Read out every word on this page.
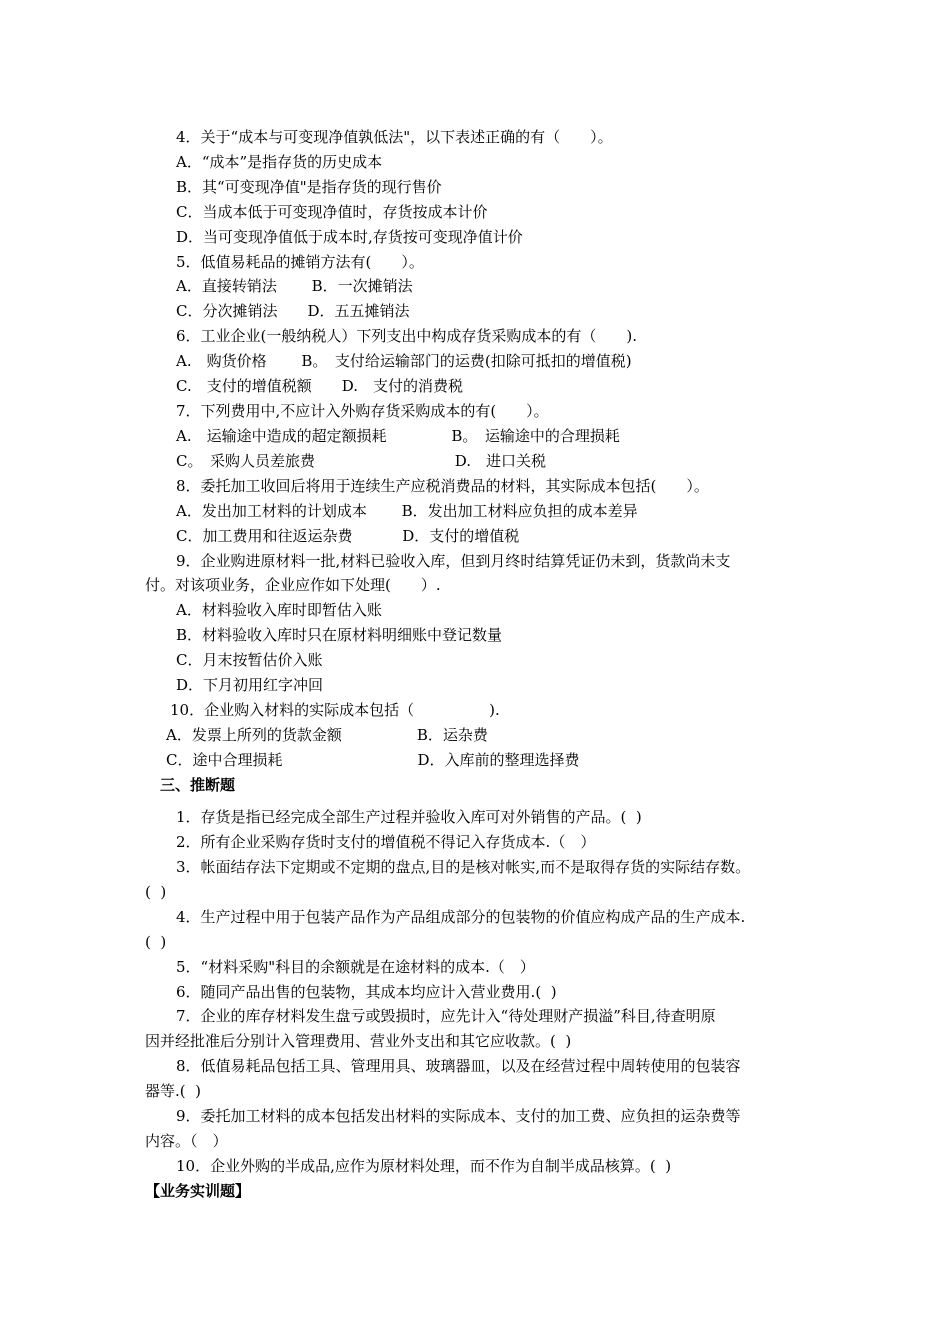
4．关于“成本与可变现净值孰低法"，以下表述正确的有（　　）。
A．“成本”是指存货的历史成本
B．其“可变现净值"是指存货的现行售价
C．当成本低于可变现净值时，存货按成本计价
D．当可变现净值低于成本时,存货按可变现净值计价
5．低值易耗品的摊销方法有(　　）。
A．直接转销法　　 B．一次摊销法
C．分次摊销法　　D．五五摊销法
6．工业企业(一般纳税人）下列支出中构成存货采购成本的有（　　).
A.　购货价格　　 B。　支付给运输部门的运费(扣除可抵扣的增值税)
C.　支付的增值税额　　D.　支付的消费税
7．下列费用中,不应计入外购存货采购成本的有(　　）。
A.　运输途中造成的超定额损耗　　　　 B。　运输途中的合理损耗
C。　采购人员差旅费　　　　　　　　　 D.　进口关税
8．委托加工收回后将用于连续生产应税消费品的材料，其实际成本包括(　　）。
A．发出加工材料的计划成本　　 B．发出加工材料应负担的成本差异
C．加工费用和往返运杂费　　　 D．支付的增值税
9．企业购进原材料一批,材料已验收入库，但到月终时结算凭证仍未到，货款尚未支
付。对该项业务，企业应作如下处理(　　）.
A．材料验收入库时即暂估入账
B．材料验收入库时只在原材料明细账中登记数量
C．月末按暂估价入账
D．下月初用红字冲回
10．企业购入材料的实际成本包括（　　　　　).
A．发票上所列的货款金额　　　　　B．运杂费
C．途中合理损耗　　　　　　　　　D．入库前的整理选择费
三、推断题
1．存货是指已经完成全部生产过程并验收入库可对外销售的产品。(  )
2．所有企业采购存货时支付的增值税不得记入存货成本.（　）
3．帐面结存法下定期或不定期的盘点,目的是核对帐实,而不是取得存货的实际结存数。
(  )
4．生产过程中用于包装产品作为产品组成部分的包装物的价值应构成产品的生产成本.
(  )
5．“材料采购"科目的余额就是在途材料的成本.（　）
6．随同产品出售的包装物，其成本均应计入营业费用.(  )
7．企业的库存材料发生盘亏或毁损时，应先计入“待处理财产损溢”科目,待查明原
因并经批准后分别计入管理费用、营业外支出和其它应收款。(  )
8．低值易耗品包括工具、管理用具、玻璃器皿，以及在经营过程中周转使用的包装容
器等.(  )
9．委托加工材料的成本包括发出材料的实际成本、支付的加工费、应负担的运杂费等
内容。（　）
10．企业外购的半成品,应作为原材料处理，而不作为自制半成品核算。(  )
【业务实训题】
